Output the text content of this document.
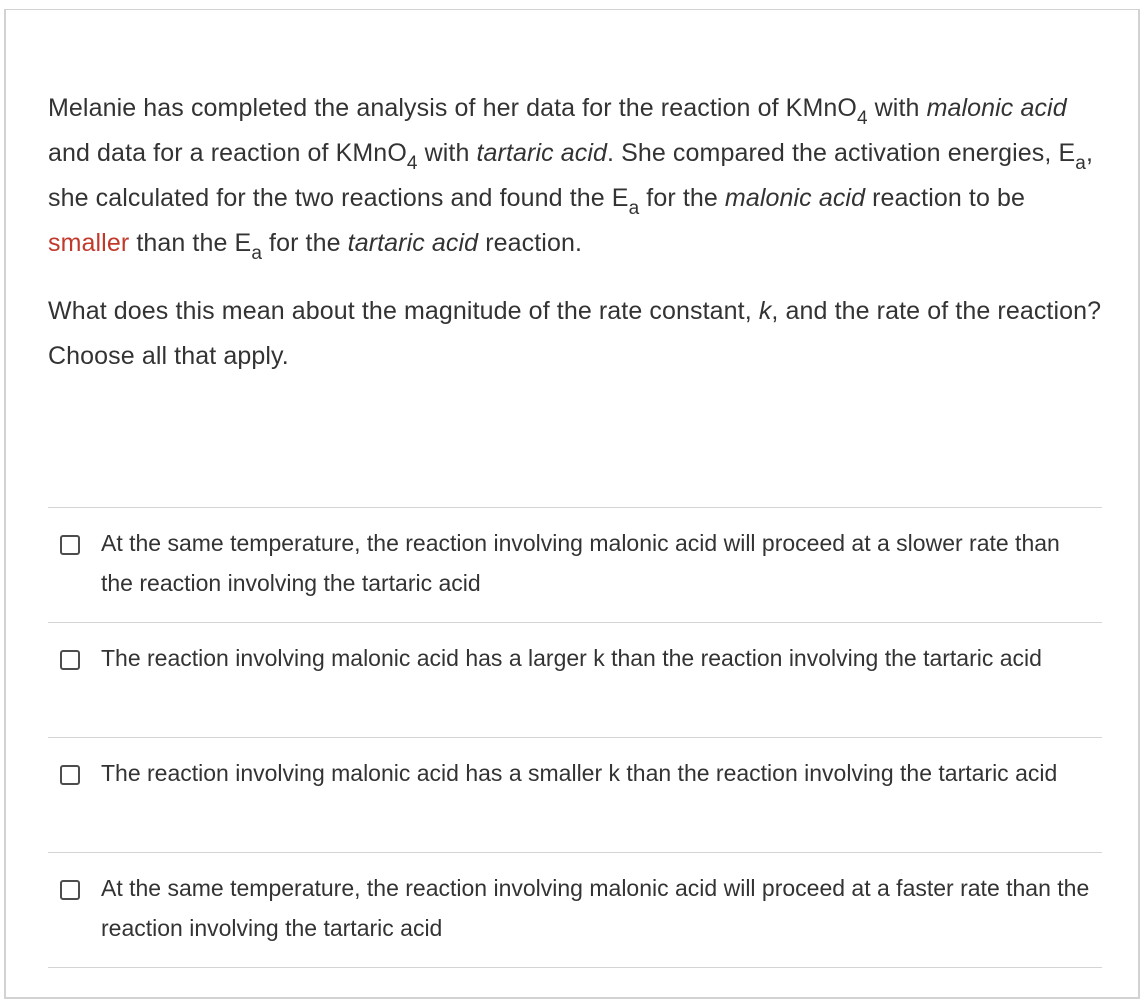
Melanie has completed the analysis of her data for the reaction of KMnO$_4$ with malonic acid and data for a reaction of KMnO$_4$ with tartaric acid. She compared the activation energies, $E_a$, she calculated for the two reactions and found the $E_a$ for the malonic acid reaction to be smaller than the $E_a$ for the tartaric acid reaction.

What does this mean about the magnitude of the rate constant, k, and the rate of the reaction? Choose all that apply.

At the same temperature, the reaction involving malonic acid will proceed at a slower rate than the reaction involving the tartaric acid
The reaction involving malonic acid has a larger k than the reaction involving the tartaric acid
The reaction involving malonic acid has a smaller k than the reaction involving the tartaric acid
At the same temperature, the reaction involving malonic acid will proceed at a faster rate than the reaction involving the tartaric acid
